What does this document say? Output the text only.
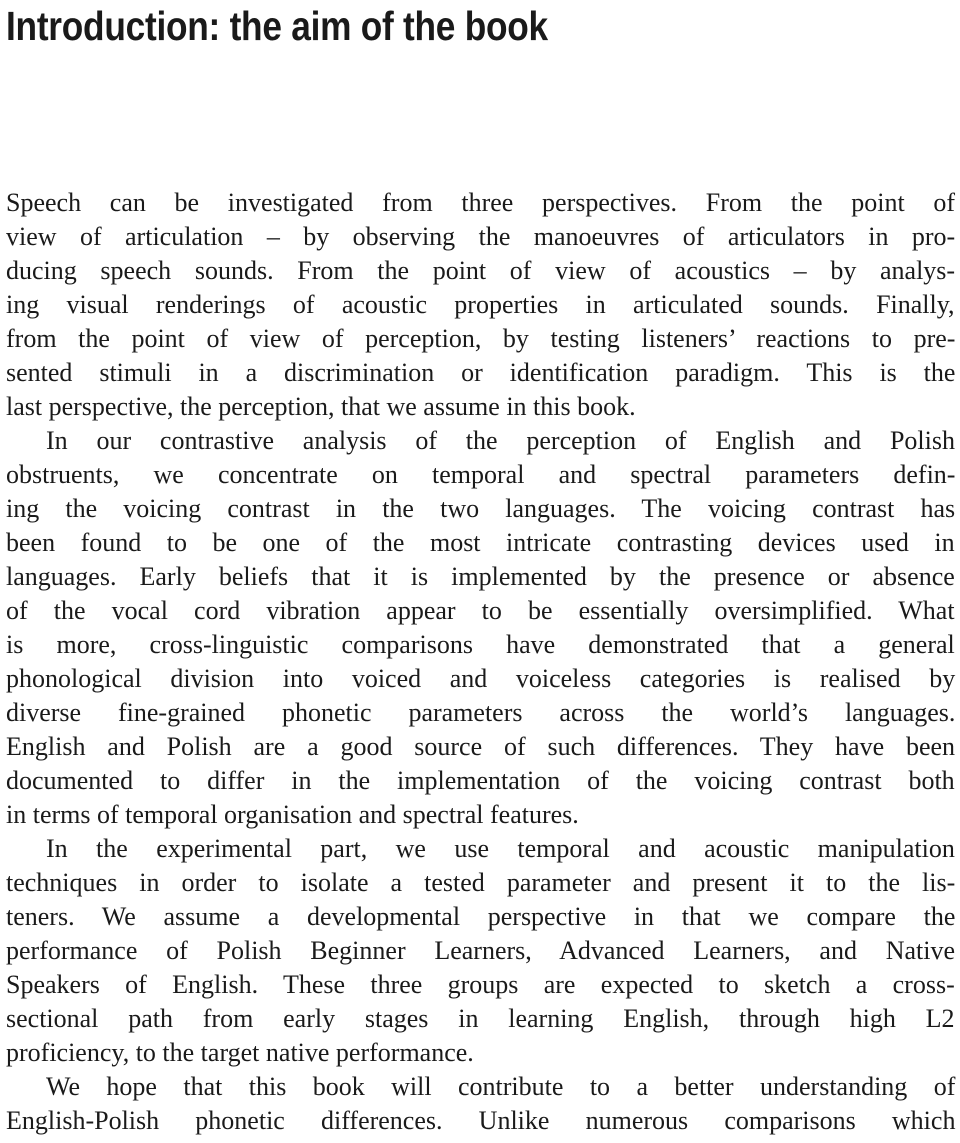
Introduction: the aim of the book
Speech can be investigated from three perspectives. From the point of
view of articulation – by observing the manoeuvres of articulators in pro-
ducing speech sounds. From the point of view of acoustics – by analys-
ing visual renderings of acoustic properties in articulated sounds. Finally,
from the point of view of perception, by testing listeners’ reactions to pre-
sented stimuli in a discrimination or identification paradigm. This is the
last perspective, the perception, that we assume in this book.
In our contrastive analysis of the perception of English and Polish
obstruents, we concentrate on temporal and spectral parameters defin-
ing the voicing contrast in the two languages. The voicing contrast has
been found to be one of the most intricate contrasting devices used in
languages. Early beliefs that it is implemented by the presence or absence
of the vocal cord vibration appear to be essentially oversimplified. What
is more, cross-linguistic comparisons have demonstrated that a general
phonological division into voiced and voiceless categories is realised by
diverse fine-grained phonetic parameters across the world’s languages.
English and Polish are a good source of such differences. They have been
documented to differ in the implementation of the voicing contrast both
in terms of temporal organisation and spectral features.
In the experimental part, we use temporal and acoustic manipulation
techniques in order to isolate a tested parameter and present it to the lis-
teners. We assume a developmental perspective in that we compare the
performance of Polish Beginner Learners, Advanced Learners, and Native
Speakers of English. These three groups are expected to sketch a cross-
sectional path from early stages in learning English, through high L2
proficiency, to the target native performance.
We hope that this book will contribute to a better understanding of
English-Polish phonetic differences. Unlike numerous comparisons which
